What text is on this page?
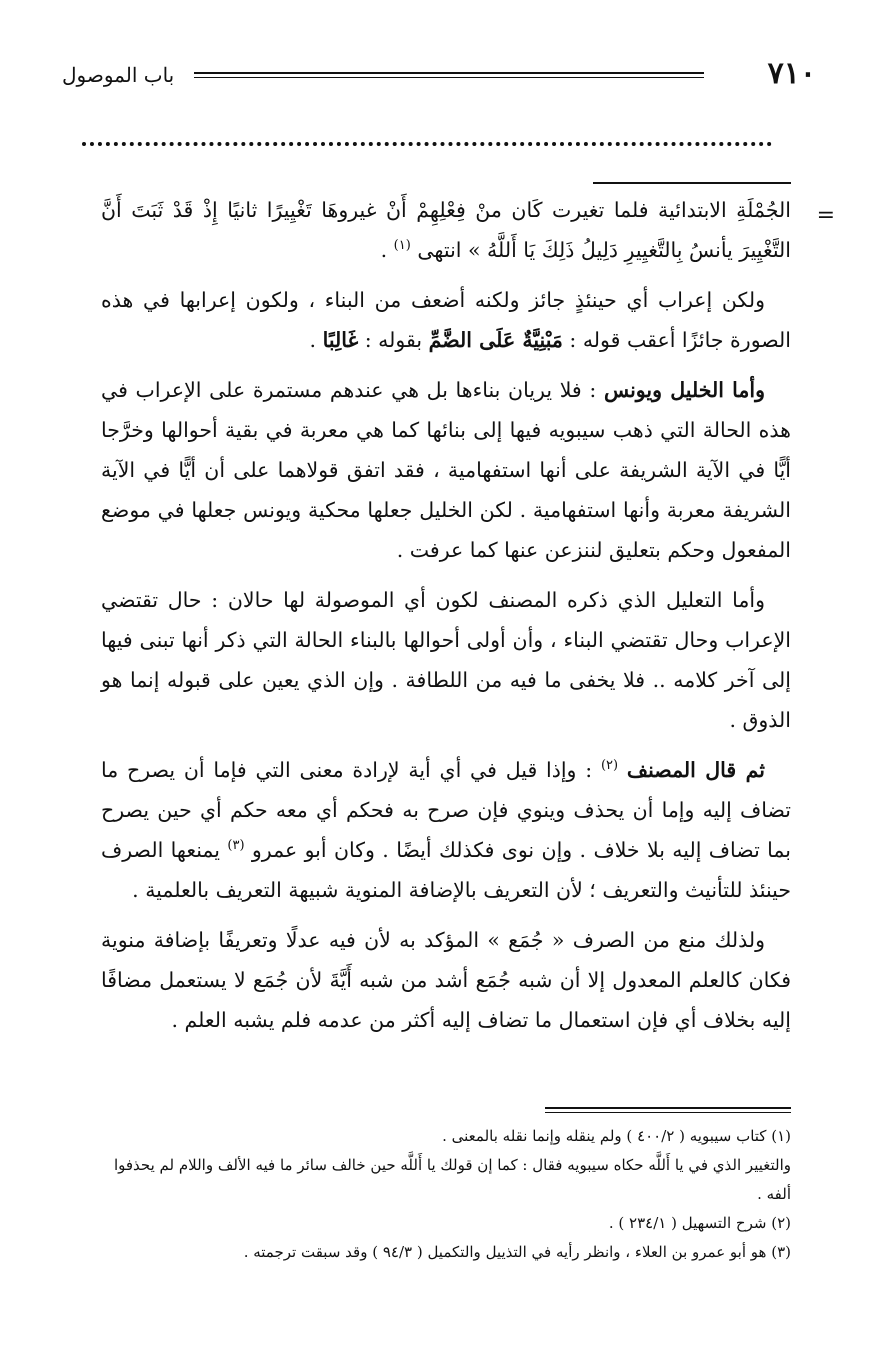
٧١٠
باب الموصول
=

الجُمْلَةِ الابتدائية فلما تغيرت كَان منْ فِعْلِهِمْ أَنْ غيروهَا تَغْيِيرًا ثانيًا إِذْ قَدْ ثَبَتَ أَنَّ التَّغْيِيرَ يأنسُ بِالتَّغيِيرِ دَلِيلُ ذَلِكَ يَا أَللَّهُ » انتهى $^{(١)}$ .

ولكن إعراب أي حينئذٍ جائز ولكنه أضعف من البناء ، ولكون إعرابها في هذه الصورة جائزًا أعقب قوله : مَبْنِيَّةٌ عَلَى الضَّمِّ بقوله : غَالِبًا .

وأما الخليل ويونس : فلا يريان بناءها بل هي عندهم مستمرة على الإعراب في هذه الحالة التي ذهب سيبويه فيها إلى بنائها كما هي معربة في بقية أحوالها وخرَّجا أيًّا في الآية الشريفة على أنها استفهامية ، فقد اتفق قولاهما على أن أيًّا في الآية الشريفة معربة وأنها استفهامية . لكن الخليل جعلها محكية ويونس جعلها في موضع المفعول وحكم بتعليق لننزعن عنها كما عرفت .

وأما التعليل الذي ذكره المصنف لكون أي الموصولة لها حالان : حال تقتضي الإعراب وحال تقتضي البناء ، وأن أولى أحوالها بالبناء الحالة التي ذكر أنها تبنى فيها إلى آخر كلامه .. فلا يخفى ما فيه من اللطافة . وإن الذي يعين على قبوله إنما هو الذوق .

ثم قال المصنف $^{(٢)}$ : وإذا قيل في أي أية لإرادة معنى التي فإما أن يصرح ما تضاف إليه وإما أن يحذف وينوي فإن صرح به فحكم أي معه حكم أي حين يصرح بما تضاف إليه بلا خلاف . وإن نوى فكذلك أيضًا . وكان أبو عمرو $^{(٣)}$ يمنعها الصرف حينئذ للتأنيث والتعريف ؛ لأن التعريف بالإضافة المنوية شبيهة التعريف بالعلمية .

ولذلك منع من الصرف « جُمَع » المؤكد به لأن فيه عدلًا وتعريفًا بإضافة منوية فكان كالعلم المعدول إلا أن شبه جُمَع أشد من شبه أَيَّةَ لأن جُمَع لا يستعمل مضافًا إليه بخلاف أي فإن استعمال ما تضاف إليه أكثر من عدمه فلم يشبه العلم .

(١) كتاب سيبويه ( ٤٠٠/٢ ) ولم ينقله وإنما نقله بالمعنى .

والتغيير الذي في يا أَللَّه حكاه سيبويه فقال : كما إن قولك يا أَللَّه حين خالف سائر ما فيه الألف واللام لم يحذفوا ألفه .

(٢) شرح التسهيل ( ٢٣٤/١ ) .

(٣) هو أبو عمرو بن العلاء ، وانظر رأيه في التذييل والتكميل ( ٩٤/٣ ) وقد سبقت ترجمته .
